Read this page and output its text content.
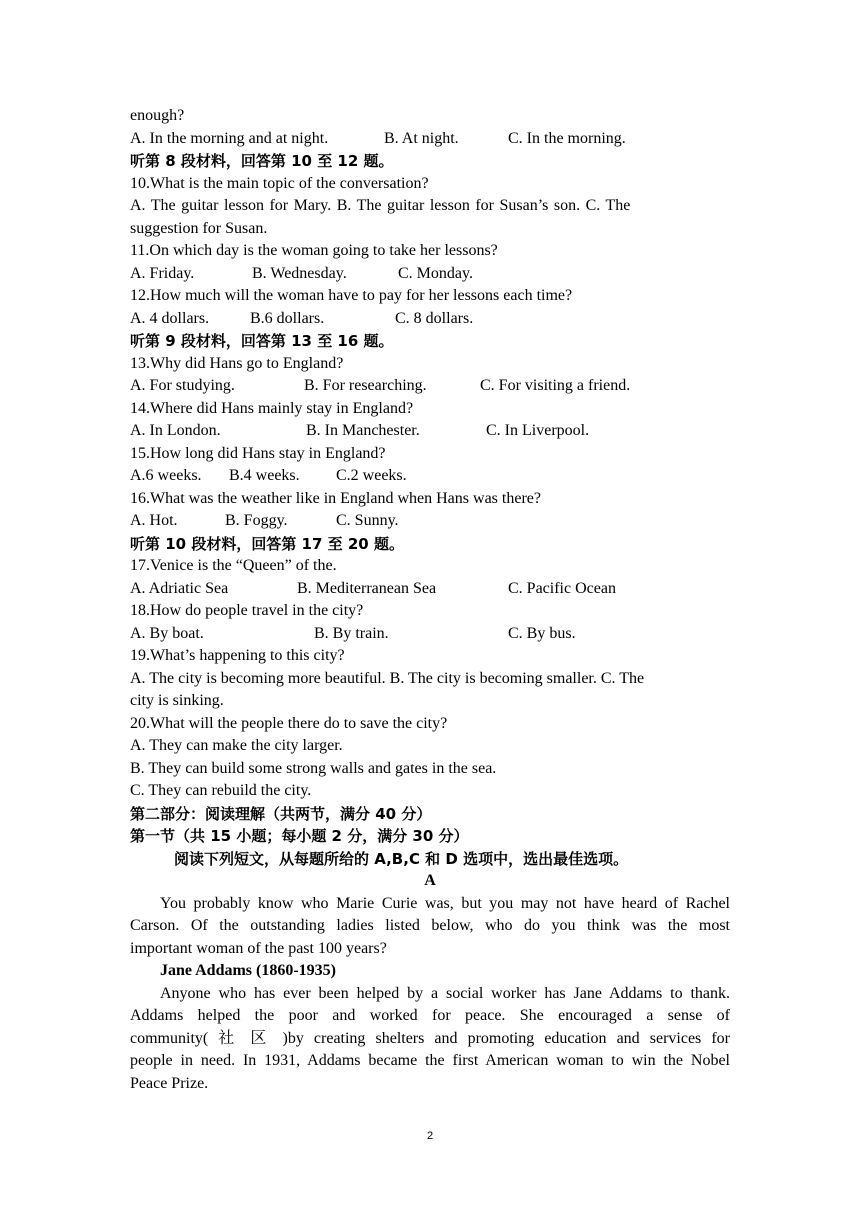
enough?
A. In the morning and at night.	B. At night.	C. In the morning.
听第 8 段材料，回答第 10 至 12 题。
10.What is the main topic of the conversation?
A. The guitar lesson for Mary. B. The guitar lesson for Susan’s son. C. The
suggestion for Susan.
11.On which day is the woman going to take her lessons?
A. Friday.	B. Wednesday.	C. Monday.
12.How much will the woman have to pay for her lessons each time?
A. 4 dollars.	B.6 dollars.	C. 8 dollars.
听第 9 段材料，回答第 13 至 16 题。
13.Why did Hans go to England?
A. For studying.	B. For researching.	C. For visiting a friend.
14.Where did Hans mainly stay in England?
A. In London.	B. In Manchester.	C. In Liverpool.
15.How long did Hans stay in England?
A.6 weeks.	B.4 weeks.	C.2 weeks.
16.What was the weather like in England when Hans was there?
A. Hot.	B. Foggy.	C. Sunny.
听第 10 段材料，回答第 17 至 20 题。
17.Venice is the “Queen” of the.
A. Adriatic Sea	B. Mediterranean Sea	C. Pacific Ocean
18.How do people travel in the city?
A. By boat.	B. By train.	C. By bus.
19.What’s happening to this city?
A. The city is becoming more beautiful. B. The city is becoming smaller. C. The
city is sinking.
20.What will the people there do to save the city?
A. They can make the city larger.
B. They can build some strong walls and gates in the sea.
C. They can rebuild the city.
第二部分：阅读理解（共两节，满分 40 分）
第一节（共 15 小题；每小题 2 分，满分 30 分）
阅读下列短文，从每题所给的 A,B,C 和 D 选项中，选出最佳选项。
A
You probably know who Marie Curie was, but you may not have heard of Rachel
Carson. Of the outstanding ladies listed below, who do you think was the most
important woman of the past 100 years?
Jane Addams (1860-1935)
Anyone who has ever been helped by a social worker has Jane Addams to thank.
Addams helped the poor and worked for peace. She encouraged a sense of
community( 社 区 )by creating shelters and promoting education and services for
people in need. In 1931, Addams became the first American woman to win the Nobel
Peace Prize.
2
